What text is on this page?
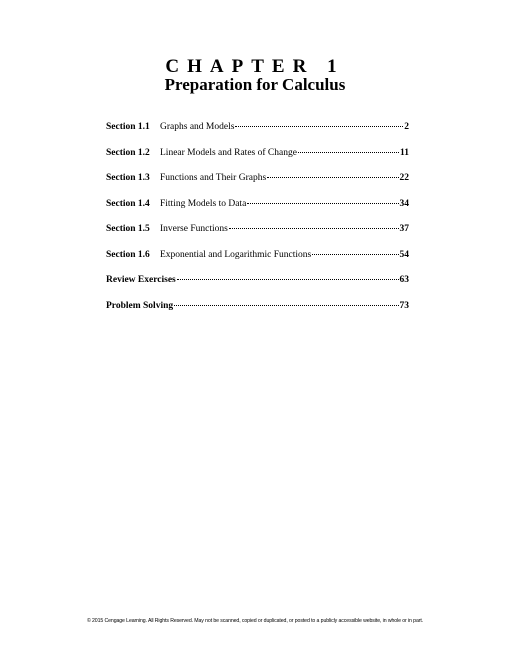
CHAPTER 1
Preparation for Calculus
Section 1.1	Graphs and Models	2
Section 1.2	Linear Models and Rates of Change	11
Section 1.3	Functions and Their Graphs	22
Section 1.4	Fitting Models to Data	34
Section 1.5	Inverse Functions	37
Section 1.6	Exponential and Logarithmic Functions	54
Review Exercises	63
Problem Solving	73
© 2015 Cengage Learning. All Rights Reserved. May not be scanned, copied or duplicated, or posted to a publicly accessible website, in whole or in part.
